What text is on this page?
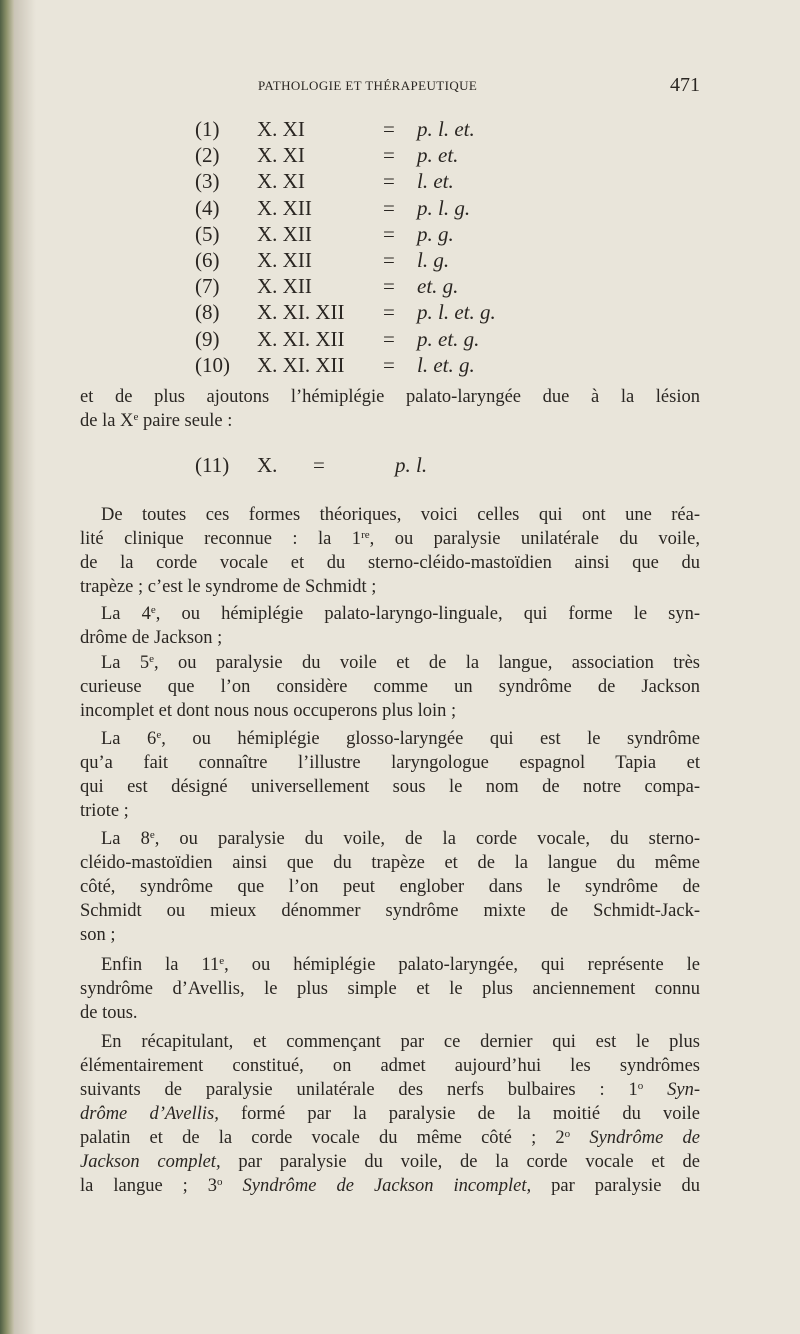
PATHOLOGIE ET THÉRAPEUTIQUE	471
(1) X. XI	= p. l. et.
(2) X. XI	= p. et.
(3) X. XI	= l. et.
(4) X. XII	= p. l. g.
(5) X. XII	= p. g.
(6) X. XII	= l. g.
(7) X. XII	= et. g.
(8) X. XI. XII = p. l. et. g.
(9) X. XI. XII = p. et. g.
(10) X. XI. XII = l. et. g.
et de plus ajoutons l’hémiplégie palato-laryngée due à la lésion
de la Xe paire seule :
(11) X. =	p. l.
De toutes ces formes théoriques, voici celles qui ont une réa-
lité clinique reconnue : la 1re, ou paralysie unilatérale du voile,
de la corde vocale et du sterno-cléido-mastoïdien ainsi que du
trapèze ; c’est le syndrome de Schmidt ;
La 4e, ou hémiplégie palato-laryngo-linguale, qui forme le syn-
drôme de Jackson ;
La 5e, ou paralysie du voile et de la langue, association très
curieuse que l’on considère comme un syndrôme de Jackson
incomplet et dont nous nous occuperons plus loin ;
La 6e, ou hémiplégie glosso-laryngée qui est le syndrôme
qu’a fait connaître l’illustre laryngologue espagnol Tapia et
qui est désigné universellement sous le nom de notre compa-
triote ;
La 8e, ou paralysie du voile, de la corde vocale, du sterno-
cléido-mastoïdien ainsi que du trapèze et de la langue du même
côté, syndrôme que l’on peut englober dans le syndrôme de
Schmidt ou mieux dénommer syndrôme mixte de Schmidt-Jack-
son ;
Enfin la 11e, ou hémiplégie palato-laryngée, qui représente le
syndrôme d’Avellis, le plus simple et le plus anciennement connu
de tous.
En récapitulant, et commençant par ce dernier qui est le plus
élémentairement constitué, on admet aujourd’hui les syndrômes
suivants de paralysie unilatérale des nerfs bulbaires : 1$^o$ Syn-
drôme d’Avellis, formé par la paralysie de la moitié du voile
palatin et de la corde vocale du même côté ; 2$^o$ Syndrôme de
Jackson complet, par paralysie du voile, de la corde vocale et de
la langue ; 3$^o$ Syndrôme de Jackson incomplet, par paralysie du
